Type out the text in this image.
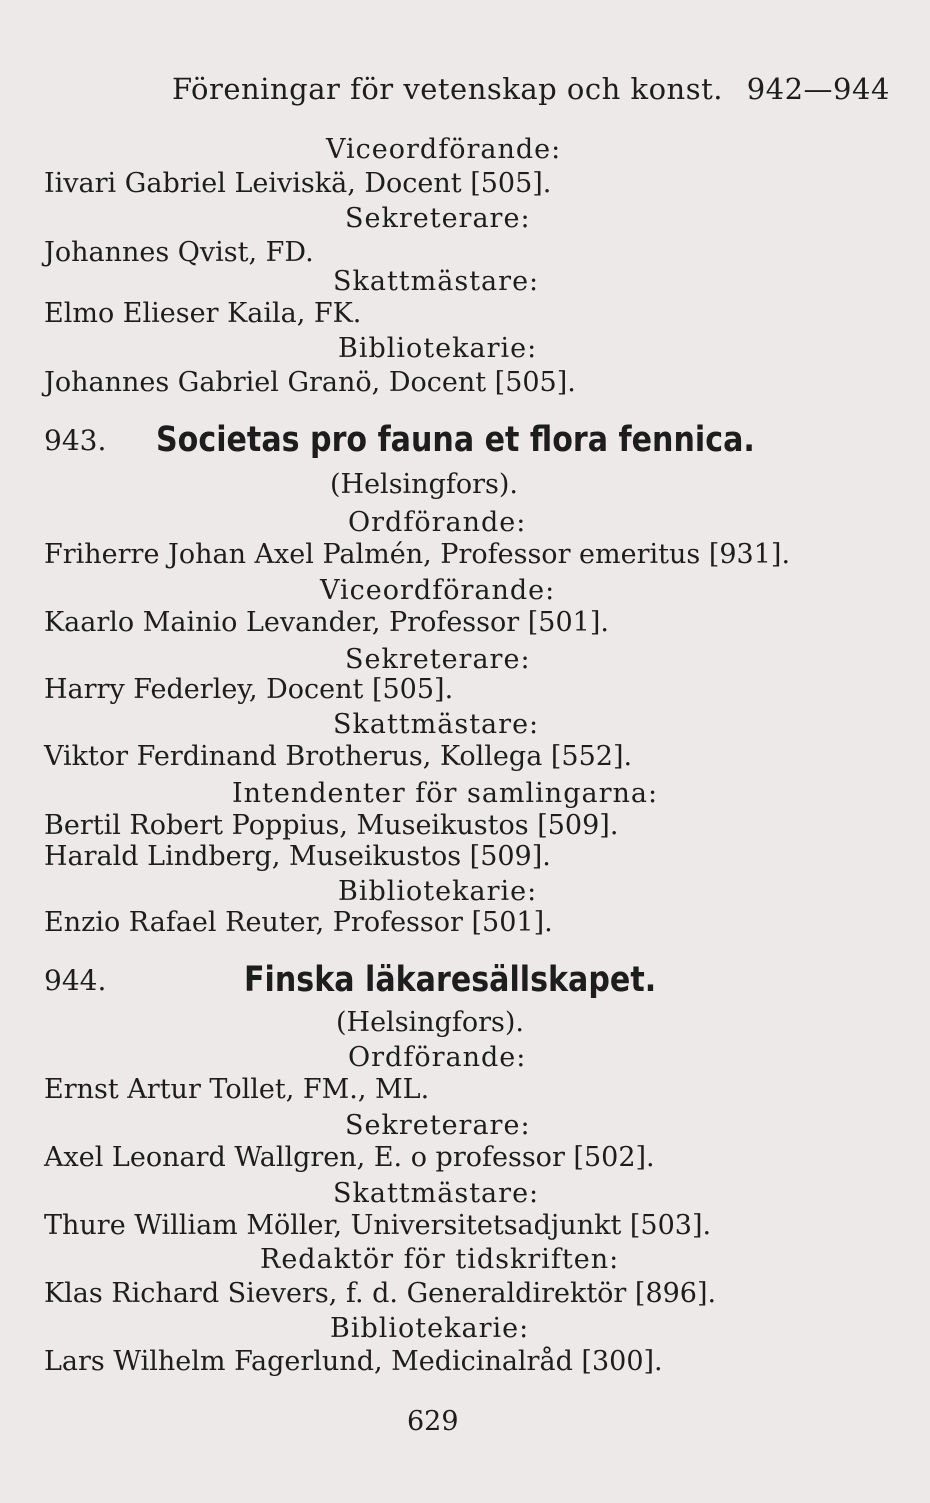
Föreningar för vetenskap och konst. 942—944
Viceordförande:
Iivari Gabriel Leiviskä, Docent [505].
Sekreterare:
Johannes Qvist, FD.
Skattmästare:
Elmo Elieser Kaila, FK.
Bibliotekarie:
Johannes Gabriel Granö, Docent [505].
943. Societas pro fauna et flora fennica.
(Helsingfors).
Ordförande:
Friherre Johan Axel Palmén, Professor emeritus [931].
Viceordförande:
Kaarlo Mainio Levander, Professor [501].
Sekreterare:
Harry Federley, Docent [505].
Skattmästare:
Viktor Ferdinand Brotherus, Kollega [552].
Intendenter för samlingarna:
Bertil Robert Poppius, Museikustos [509].
Harald Lindberg, Museikustos [509].
Bibliotekarie:
Enzio Rafael Reuter, Professor [501].
944.	Finska läkaresällskapet.
(Helsingfors).
Ordförande:
Ernst Artur Tollet, FM., ML.
Sekreterare:
Axel Leonard Wallgren, E. o professor [502].
Skattmästare:
Thure William Möller, Universitetsadjunkt [503].
Redaktör för tidskriften:
Klas Richard Sievers, f. d. Generaldirektör [896].
Bibliotekarie:
Lars Wilhelm Fagerlund, Medicinalråd [300].
629
